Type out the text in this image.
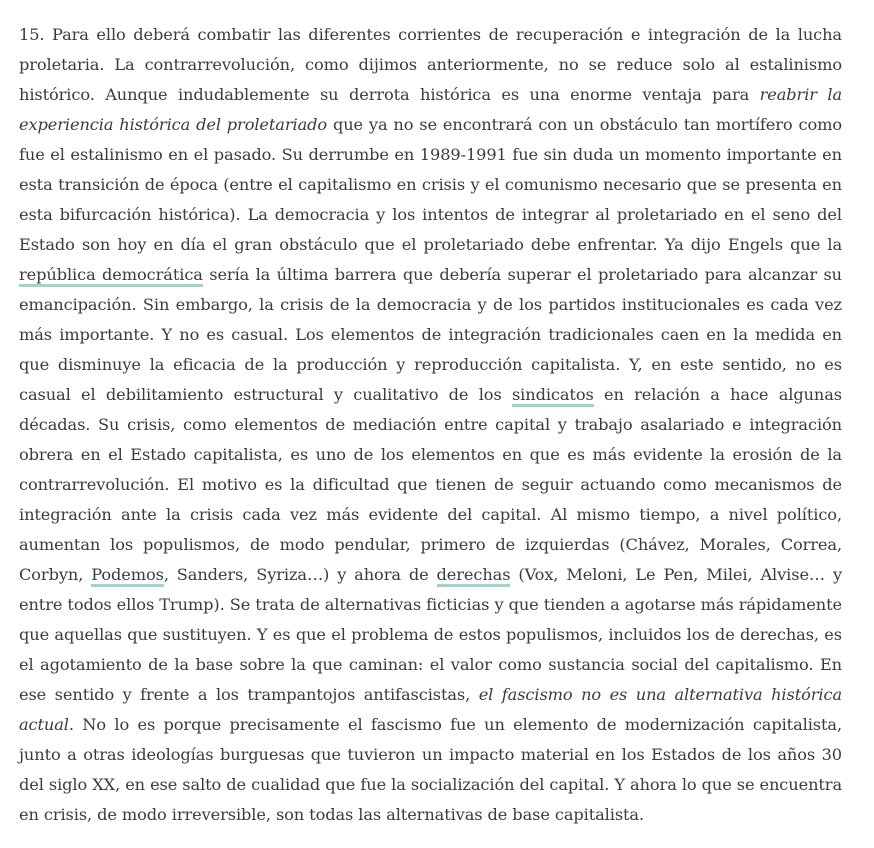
15. Para ello deberá combatir las diferentes corrientes de recuperación e integración de la lucha proletaria. La contrarrevolución, como dijimos anteriormente, no se reduce solo al estalinismo histórico. Aunque indudablemente su derrota histórica es una enorme ventaja para reabrir la experiencia histórica del proletariado que ya no se encontrará con un obstáculo tan mortífero como fue el estalinismo en el pasado. Su derrumbe en 1989-1991 fue sin duda un momento importante en esta transición de época (entre el capitalismo en crisis y el comunismo necesario que se presenta en esta bifurcación histórica). La democracia y los intentos de integrar al proletariado en el seno del Estado son hoy en día el gran obstáculo que el proletariado debe enfrentar. Ya dijo Engels que la república democrática sería la última barrera que debería superar el proletariado para alcanzar su emancipación. Sin embargo, la crisis de la democracia y de los partidos institucionales es cada vez más importante. Y no es casual. Los elementos de integración tradicionales caen en la medida en que disminuye la eficacia de la producción y reproducción capitalista. Y, en este sentido, no es casual el debilitamiento estructural y cualitativo de los sindicatos en relación a hace algunas décadas. Su crisis, como elementos de mediación entre capital y trabajo asalariado e integración obrera en el Estado capitalista, es uno de los elementos en que es más evidente la erosión de la contrarrevolución. El motivo es la dificultad que tienen de seguir actuando como mecanismos de integración ante la crisis cada vez más evidente del capital. Al mismo tiempo, a nivel político, aumentan los populismos, de modo pendular, primero de izquierdas (Chávez, Morales, Correa, Corbyn, Podemos, Sanders, Syriza…) y ahora de derechas (Vox, Meloni, Le Pen, Milei, Alvise… y entre todos ellos Trump). Se trata de alternativas ficticias y que tienden a agotarse más rápidamente que aquellas que sustituyen. Y es que el problema de estos populismos, incluidos los de derechas, es el agotamiento de la base sobre la que caminan: el valor como sustancia social del capitalismo. En ese sentido y frente a los trampantojos antifascistas, el fascismo no es una alternativa histórica actual. No lo es porque precisamente el fascismo fue un elemento de modernización capitalista, junto a otras ideologías burguesas que tuvieron un impacto material en los Estados de los años 30 del siglo XX, en ese salto de cualidad que fue la socialización del capital. Y ahora lo que se encuentra en crisis, de modo irreversible, son todas las alternativas de base capitalista.
